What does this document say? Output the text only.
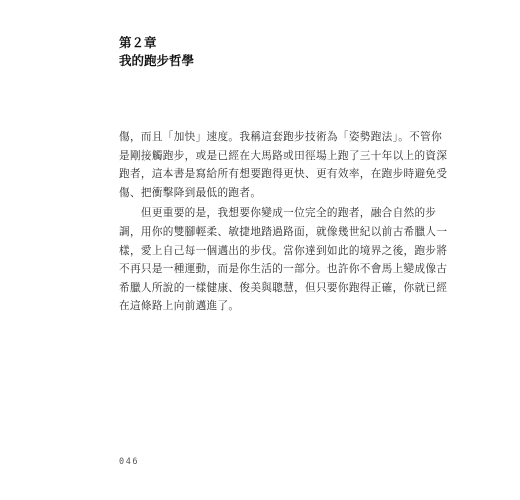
第２章
我的跑步哲學
傷，而且「加快」速度。我稱這套跑步技術為「姿勢跑法」。不管你
是剛接觸跑步，或是已經在大馬路或田徑場上跑了三十年以上的資深
跑者，這本書是寫給所有想要跑得更快、更有效率，在跑步時避免受
傷、把衝擊降到最低的跑者。
　　但更重要的是，我想要你變成一位完全的跑者，融合自然的步
調，用你的雙腳輕柔、敏捷地踏過路面，就像幾世紀以前古希臘人一
樣，愛上自己每一個邁出的步伐。當你達到如此的境界之後，跑步將
不再只是一種運動，而是你生活的一部分。也許你不會馬上變成像古
希臘人所說的一樣健康、俊美與聰慧，但只要你跑得正確，你就已經
在這條路上向前邁進了。
046
